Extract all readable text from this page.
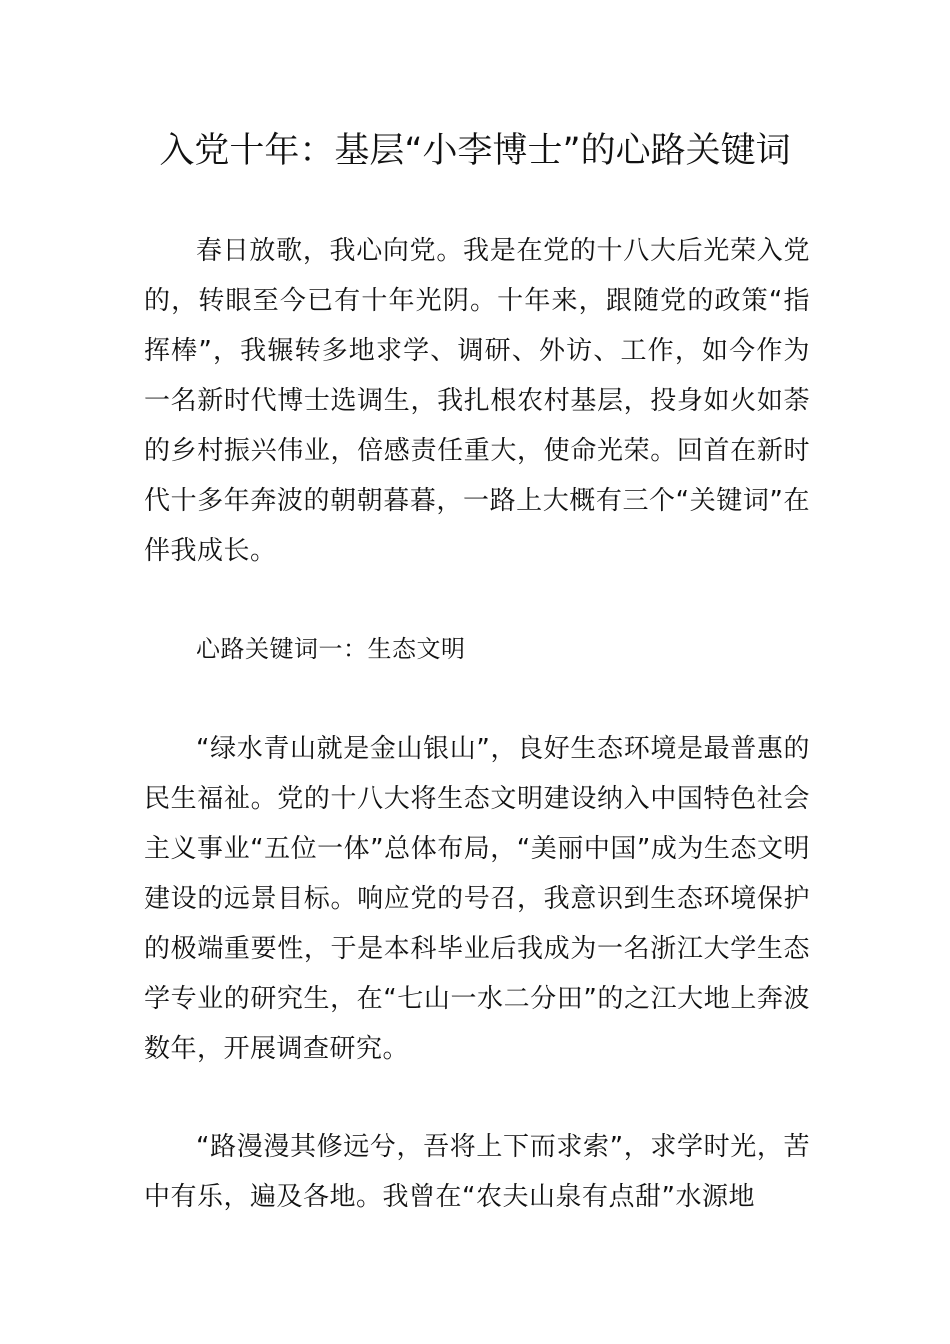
入党十年：基层“小李博士”的心路关键词

春日放歌，我心向党。我是在党的十八大后光荣入党的，转眼至今已有十年光阴。十年来，跟随党的政策“指挥棒”，我辗转多地求学、调研、外访、工作，如今作为一名新时代博士选调生，我扎根农村基层，投身如火如荼的乡村振兴伟业，倍感责任重大，使命光荣。回首在新时代十多年奔波的朝朝暮暮，一路上大概有三个“关键词”在伴我成长。

心路关键词一：生态文明

“绿水青山就是金山银山”，良好生态环境是最普惠的民生福祉。党的十八大将生态文明建设纳入中国特色社会主义事业“五位一体”总体布局，“美丽中国”成为生态文明建设的远景目标。响应党的号召，我意识到生态环境保护的极端重要性，于是本科毕业后我成为一名浙江大学生态学专业的研究生，在“七山一水二分田”的之江大地上奔波数年，开展调查研究。

“路漫漫其修远兮，吾将上下而求索”，求学时光，苦中有乐，遍及各地。我曾在“农夫山泉有点甜”水源地
